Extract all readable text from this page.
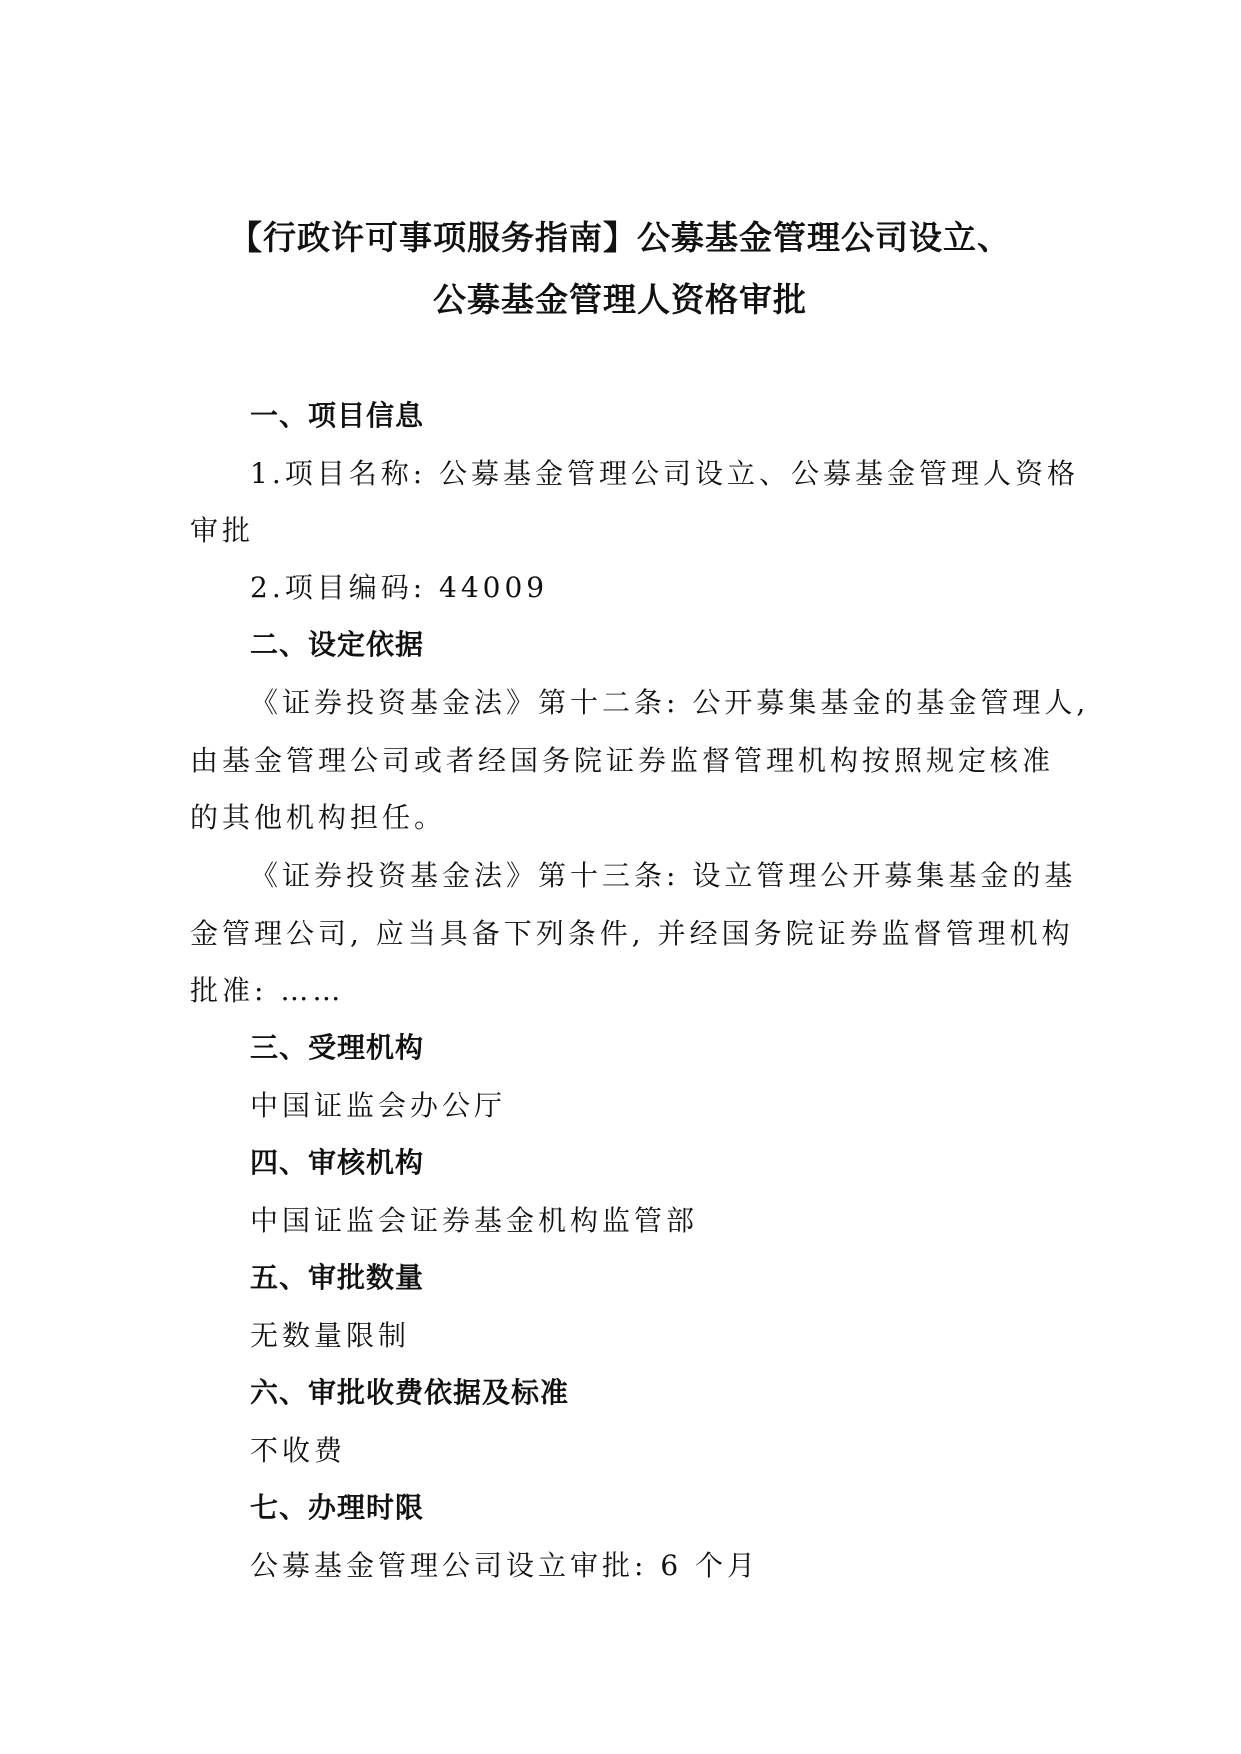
【行政许可事项服务指南】公募基金管理公司设立、
公募基金管理人资格审批
一、项目信息
1.项目名称: 公募基金管理公司设立、公募基金管理人资格
审批
2.项目编码: 44009
二、设定依据
《证券投资基金法》第十二条: 公开募集基金的基金管理人,
由基金管理公司或者经国务院证券监督管理机构按照规定核准
的其他机构担任。
《证券投资基金法》第十三条: 设立管理公开募集基金的基
金管理公司, 应当具备下列条件, 并经国务院证券监督管理机构
批准: ……
三、受理机构
中国证监会办公厅
四、审核机构
中国证监会证券基金机构监管部
五、审批数量
无数量限制
六、审批收费依据及标准
不收费
七、办理时限
公募基金管理公司设立审批: 6 个月
